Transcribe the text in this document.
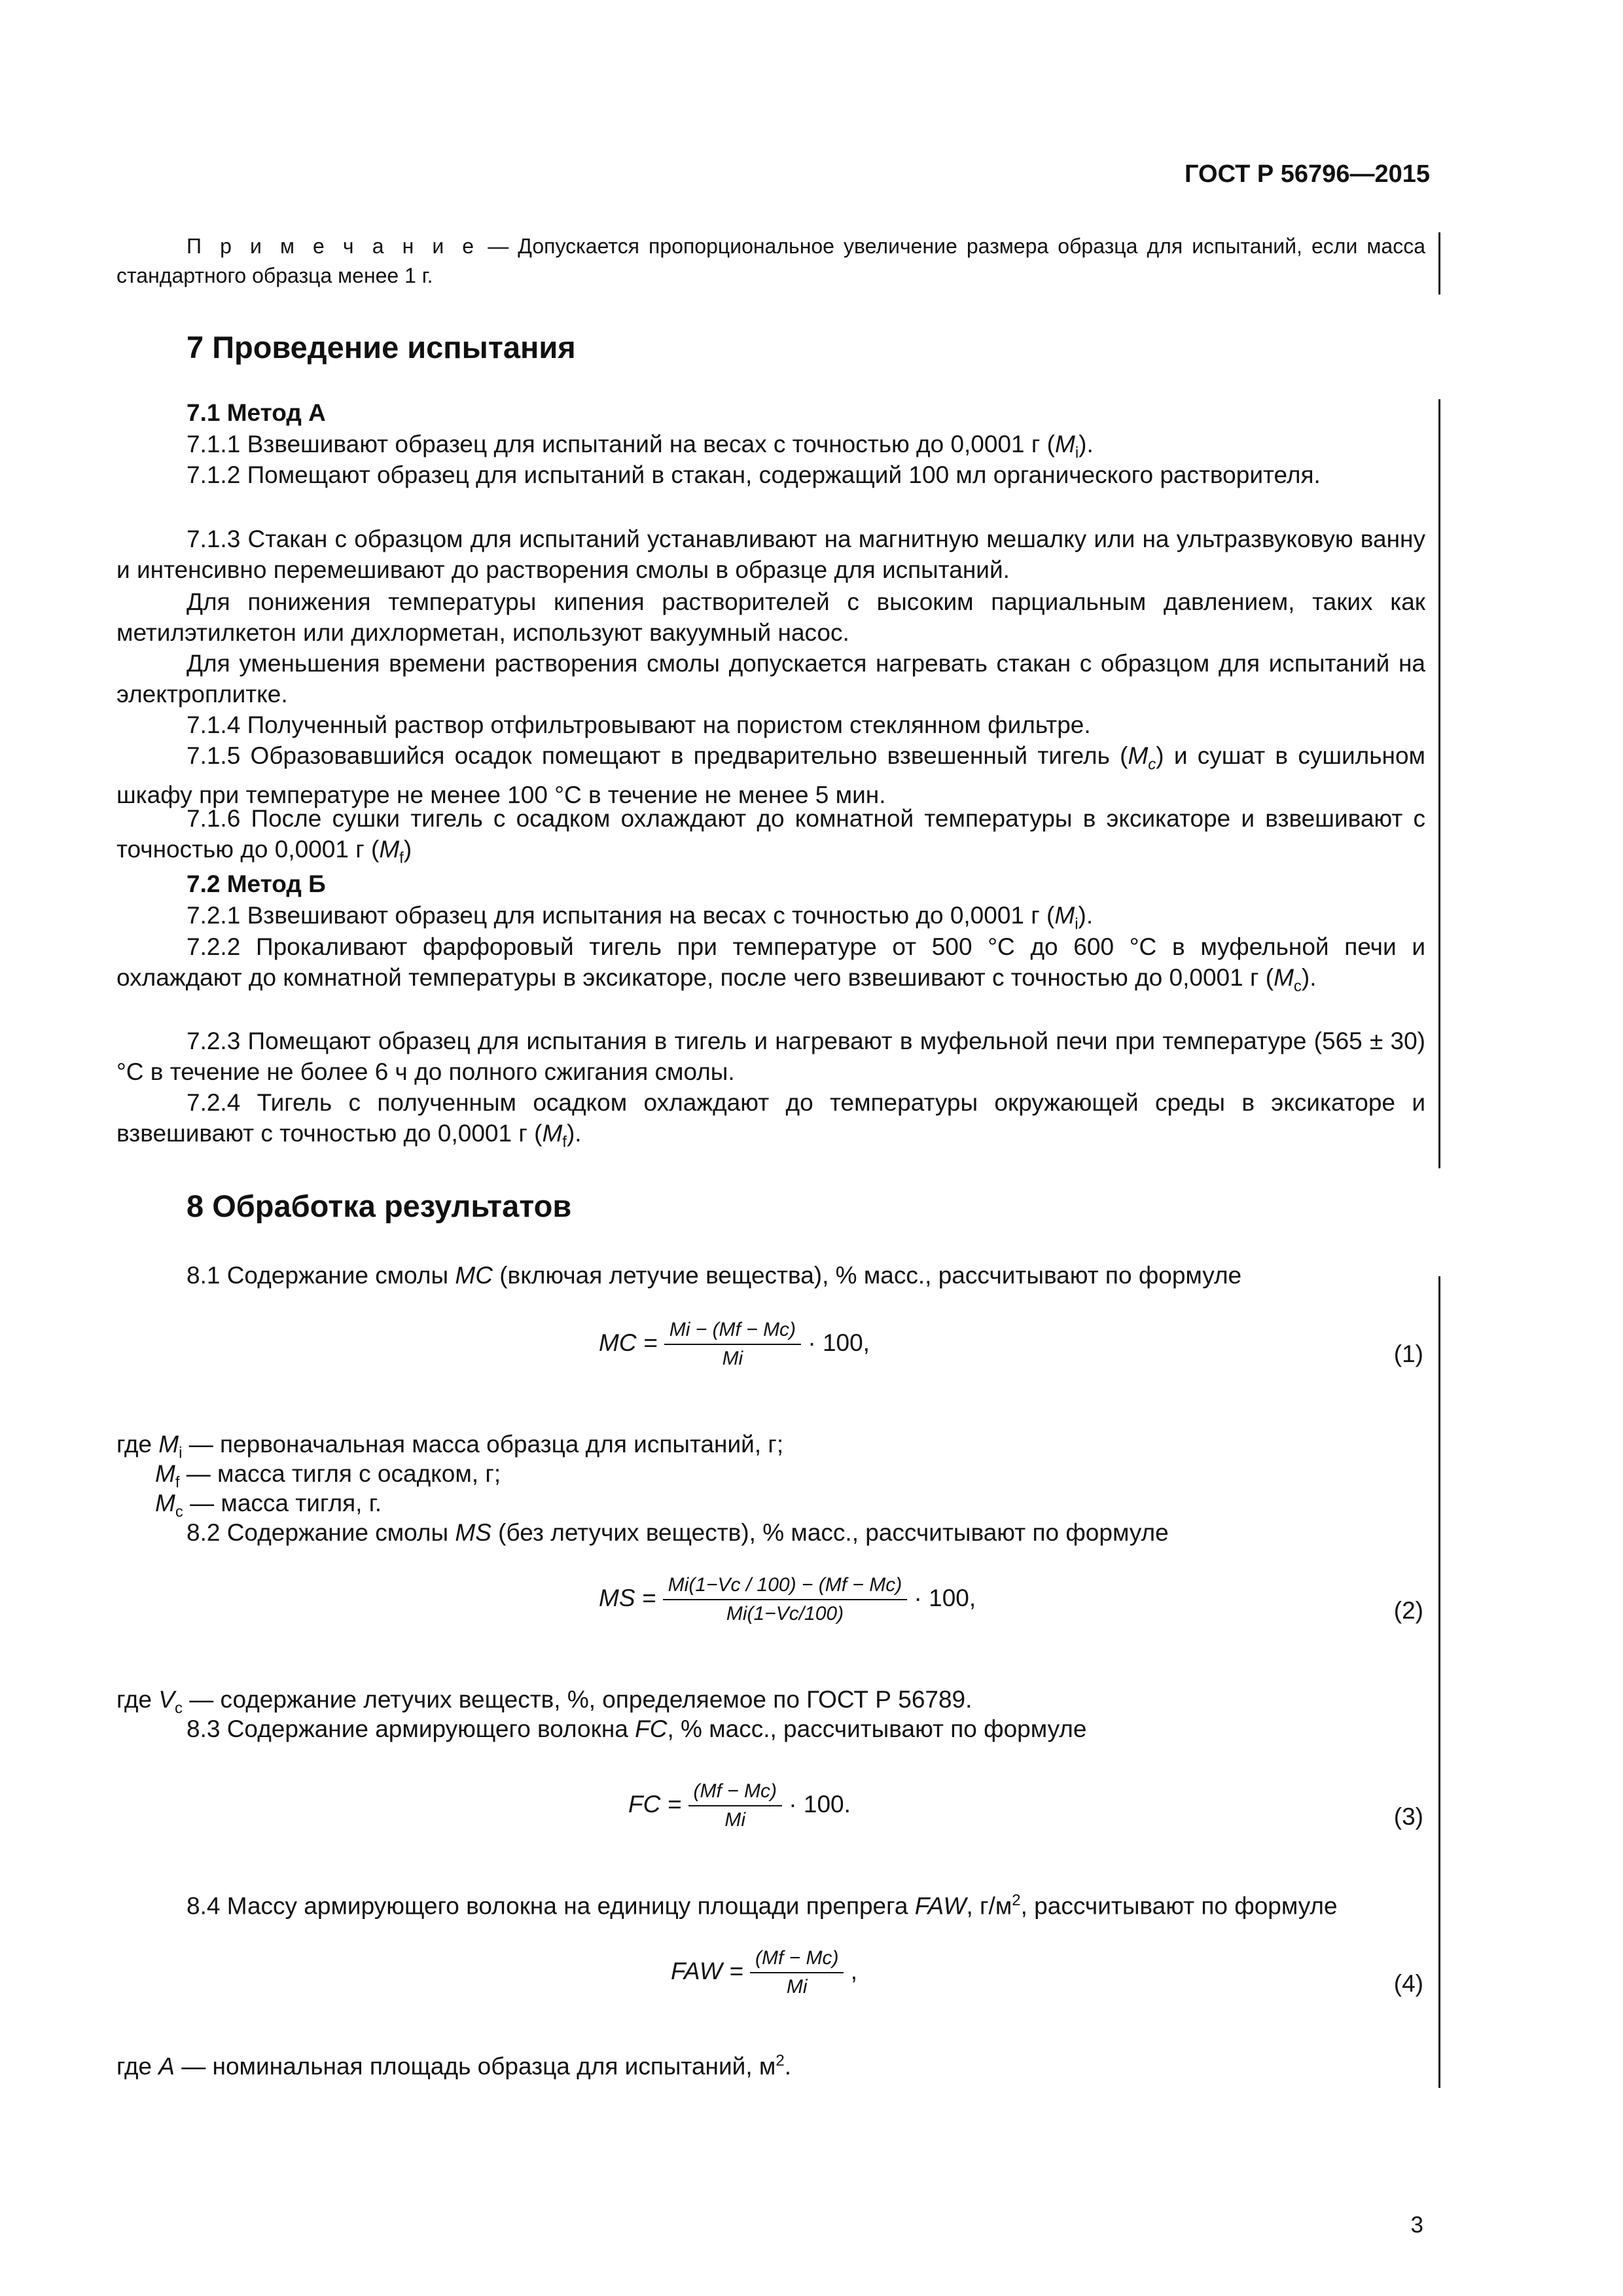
ГОСТ Р 56796—2015

П р и м е ч а н и е — Допускается пропорциональное увеличение размера образца для испытаний, если масса стандартного образца менее 1 г.

7 Проведение испытания
7.1 Метод А

7.1.1 Взвешивают образец для испытаний на весах с точностью до 0,0001 г $(M_i)$.

7.1.2 Помещают образец для испытаний в стакан, содержащий 100 мл органического растворителя.

7.1.3 Стакан с образцом для испытаний устанавливают на магнитную мешалку или на ультразвуковую ванну и интенсивно перемешивают до растворения смолы в образце для испытаний.

Для понижения температуры кипения растворителей с высоким парциальным давлением, таких как метилэтилкетон или дихлорметан, используют вакуумный насос.

Для уменьшения времени растворения смолы допускается нагревать стакан с образцом для испытаний на электроплитке.

7.1.4 Полученный раствор отфильтровывают на пористом стеклянном фильтре.

7.1.5 Образовавшийся осадок помещают в предварительно взвешенный тигель $(M_c)$ и сушат в сушильном шкафу при температуре не менее 100 °С в течение не менее 5 мин.

7.1.6 После сушки тигель с осадком охлаждают до комнатной температуры в эксикаторе и взвешивают с точностью до 0,0001 г $(M_f)$

7.2 Метод Б

7.2.1 Взвешивают образец для испытания на весах с точностью до 0,0001 г $(M_i)$.

7.2.2 Прокаливают фарфоровый тигель при температуре от 500 °С до 600 °С в муфельной печи и охлаждают до комнатной температуры в эксикаторе, после чего взвешивают с точностью до 0,0001 г $(M_c)$.

7.2.3 Помещают образец для испытания в тигель и нагревают в муфельной печи при температуре (565 ± 30) °С в течение не более 6 ч до полного сжигания смолы.

7.2.4 Тигель с полученным осадком охлаждают до температуры окружающей среды в эксикаторе и взвешивают с точностью до 0,0001 г $(M_f)$.

8 Обработка результатов

8.1 Содержание смолы MC (включая летучие вещества), % масс., рассчитывают по формуле

MC = $\frac{Mi - (Mf - Mc)}{Mi} \cdot 100$,	(1)
где $M_i$ — первоначальная масса образца для испытаний, г;
$M_f$ — масса тигля с осадком, г;
$M_c$ — масса тигля, г.

8.2 Содержание смолы MS (без летучих веществ), % масс., рассчитывают по формуле

MS = $\frac{Mi(1-Vc / 100) - (Mf - Mc)}{Mi(1-Vc/100)} \cdot 100$,	(2)
где $V_c$ — содержание летучих веществ, %, определяемое по ГОСТ Р 56789.

8.3 Содержание армирующего волокна FC, % масс., рассчитывают по формуле

FC = $\frac{(Mf - Mc)}{Mi} \cdot 100$.	(3)

8.4 Массу армирующего волокна на единицу площади препрега FAW, $г/м^2$, рассчитывают по формуле

FAW = $\frac{(Mf - Mc)}{Mi}$ ,	(4)
где A — номинальная площадь образца для испытаний, $м^2$.
3
